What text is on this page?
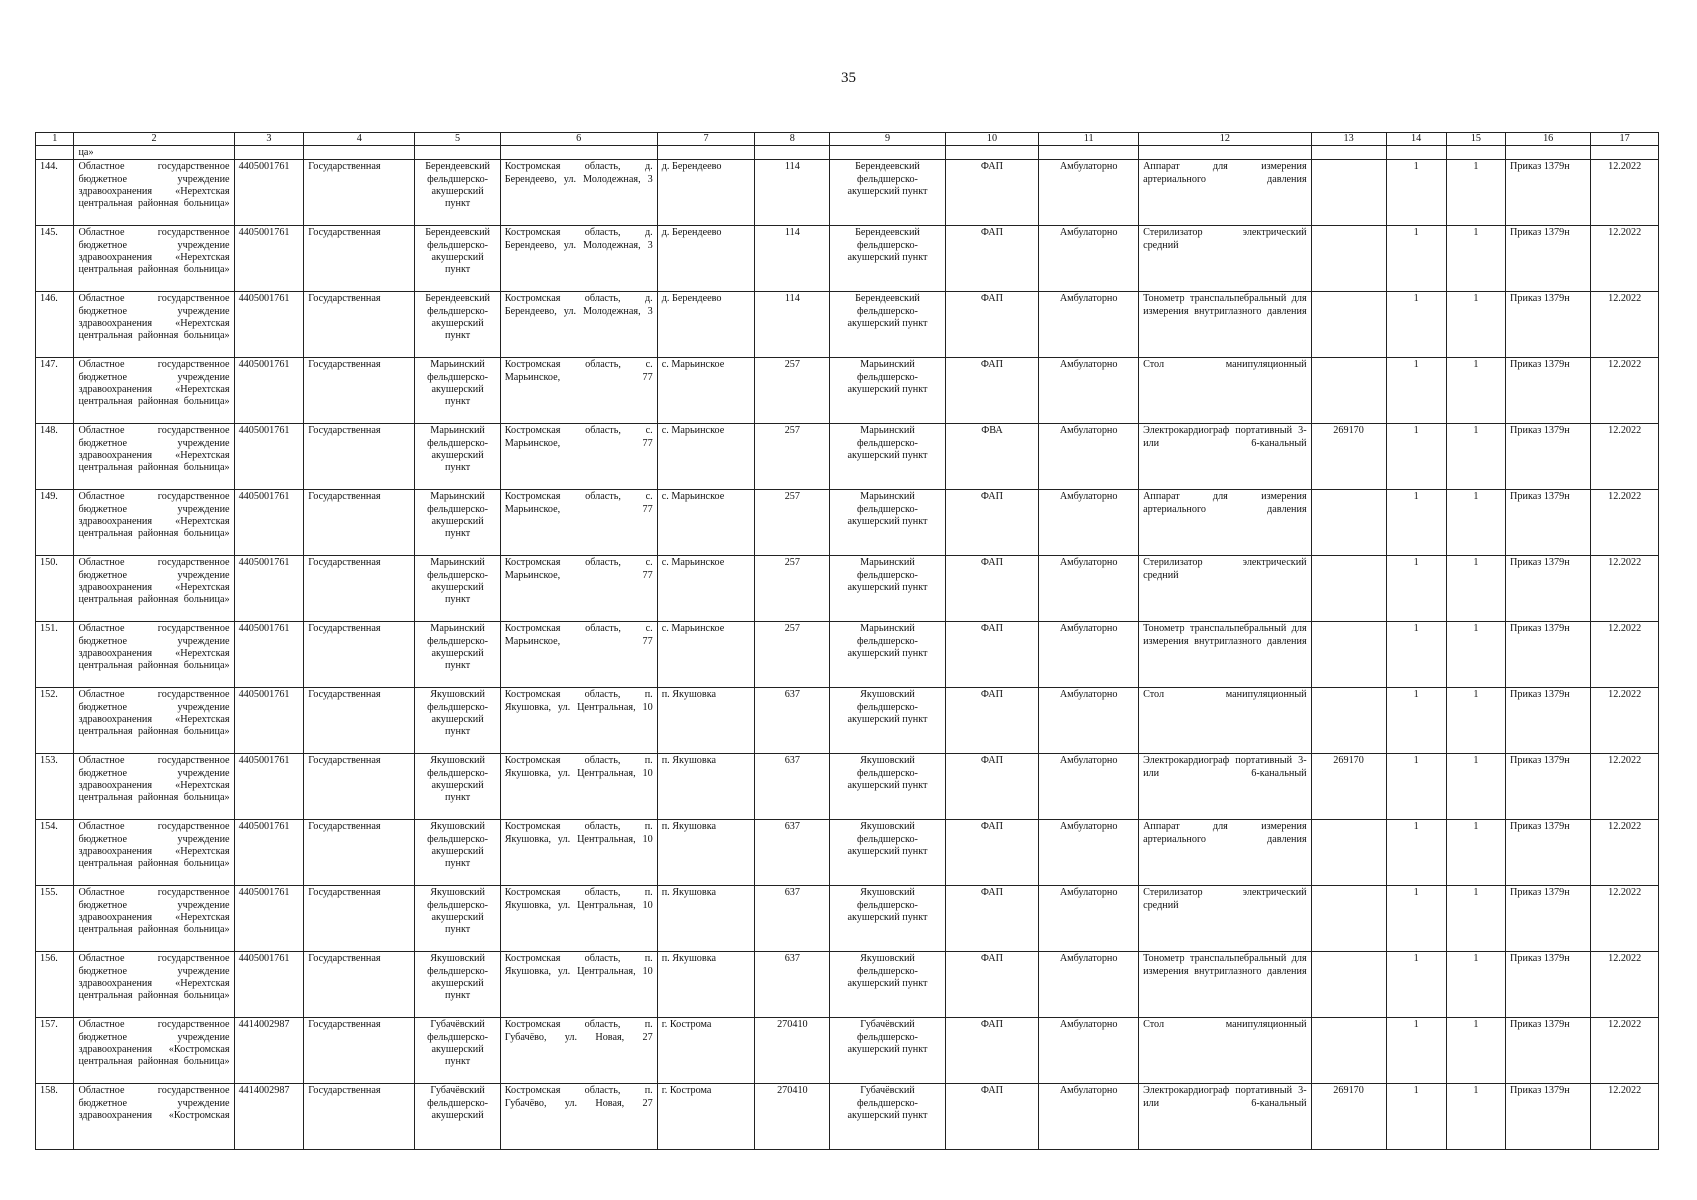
35
1	2	3	4	5	6	7	8	9	10	11	12	13	14	15	16	17
	ца»															
144.	Областное государственное бюджетное учреждение здравоохранения «Нерехтская центральная районная больница»	4405001761	Государственная	Берендеевский фельдшерско-акушерский пункт	Костромская область, д. Берендеево, ул. Молодежная, 3	д. Берендеево	114	Берендеевский фельдшерско-акушерский пункт	ФАП	Амбулаторно	Аппарат для измерения артериального давления		1	1	Приказ 1379н	12.2022
145.	Областное государственное бюджетное учреждение здравоохранения «Нерехтская центральная районная больница»	4405001761	Государственная	Берендеевский фельдшерско-акушерский пункт	Костромская область, д. Берендеево, ул. Молодежная, 3	д. Берендеево	114	Берендеевский фельдшерско-акушерский пункт	ФАП	Амбулаторно	Стерилизатор электрический средний		1	1	Приказ 1379н	12.2022
146.	Областное государственное бюджетное учреждение здравоохранения «Нерехтская центральная районная больница»	4405001761	Государственная	Берендеевский фельдшерско-акушерский пункт	Костромская область, д. Берендеево, ул. Молодежная, 3	д. Берендеево	114	Берендеевский фельдшерско-акушерский пункт	ФАП	Амбулаторно	Тонометр транспальпебральный для измерения внутриглазного давления		1	1	Приказ 1379н	12.2022
147.	Областное государственное бюджетное учреждение здравоохранения «Нерехтская центральная районная больница»	4405001761	Государственная	Марьинский фельдшерско-акушерский пункт	Костромская область, с. Марьинское, 77	с. Марьинское	257	Марьинский фельдшерско-акушерский пункт	ФАП	Амбулаторно	Стол манипуляционный		1	1	Приказ 1379н	12.2022
148.	Областное государственное бюджетное учреждение здравоохранения «Нерехтская центральная районная больница»	4405001761	Государственная	Марьинский фельдшерско-акушерский пункт	Костромская область, с. Марьинское, 77	с. Марьинское	257	Марьинский фельдшерско-акушерский пункт	ФВА	Амбулаторно	Электрокардиограф портативный 3- или 6-канальный	269170	1	1	Приказ 1379н	12.2022
149.	Областное государственное бюджетное учреждение здравоохранения «Нерехтская центральная районная больница»	4405001761	Государственная	Марьинский фельдшерско-акушерский пункт	Костромская область, с. Марьинское, 77	с. Марьинское	257	Марьинский фельдшерско-акушерский пункт	ФАП	Амбулаторно	Аппарат для измерения артериального давления		1	1	Приказ 1379н	12.2022
150.	Областное государственное бюджетное учреждение здравоохранения «Нерехтская центральная районная больница»	4405001761	Государственная	Марьинский фельдшерско-акушерский пункт	Костромская область, с. Марьинское, 77	с. Марьинское	257	Марьинский фельдшерско-акушерский пункт	ФАП	Амбулаторно	Стерилизатор электрический средний		1	1	Приказ 1379н	12.2022
151.	Областное государственное бюджетное учреждение здравоохранения «Нерехтская центральная районная больница»	4405001761	Государственная	Марьинский фельдшерско-акушерский пункт	Костромская область, с. Марьинское, 77	с. Марьинское	257	Марьинский фельдшерско-акушерский пункт	ФАП	Амбулаторно	Тонометр транспальпебральный для измерения внутриглазного давления		1	1	Приказ 1379н	12.2022
152.	Областное государственное бюджетное учреждение здравоохранения «Нерехтская центральная районная больница»	4405001761	Государственная	Якушовский фельдшерско-акушерский пункт	Костромская область, п. Якушовка, ул. Центральная, 10	п. Якушовка	637	Якушовский фельдшерско-акушерский пункт	ФАП	Амбулаторно	Стол манипуляционный		1	1	Приказ 1379н	12.2022
153.	Областное государственное бюджетное учреждение здравоохранения «Нерехтская центральная районная больница»	4405001761	Государственная	Якушовский фельдшерско-акушерский пункт	Костромская область, п. Якушовка, ул. Центральная, 10	п. Якушовка	637	Якушовский фельдшерско-акушерский пункт	ФАП	Амбулаторно	Электрокардиограф портативный 3- или 6-канальный	269170	1	1	Приказ 1379н	12.2022
154.	Областное государственное бюджетное учреждение здравоохранения «Нерехтская центральная районная больница»	4405001761	Государственная	Якушовский фельдшерско-акушерский пункт	Костромская область, п. Якушовка, ул. Центральная, 10	п. Якушовка	637	Якушовский фельдшерско-акушерский пункт	ФАП	Амбулаторно	Аппарат для измерения артериального давления		1	1	Приказ 1379н	12.2022
155.	Областное государственное бюджетное учреждение здравоохранения «Нерехтская центральная районная больница»	4405001761	Государственная	Якушовский фельдшерско-акушерский пункт	Костромская область, п. Якушовка, ул. Центральная, 10	п. Якушовка	637	Якушовский фельдшерско-акушерский пункт	ФАП	Амбулаторно	Стерилизатор электрический средний		1	1	Приказ 1379н	12.2022
156.	Областное государственное бюджетное учреждение здравоохранения «Нерехтская центральная районная больница»	4405001761	Государственная	Якушовский фельдшерско-акушерский пункт	Костромская область, п. Якушовка, ул. Центральная, 10	п. Якушовка	637	Якушовский фельдшерско-акушерский пункт	ФАП	Амбулаторно	Тонометр транспальпебральный для измерения внутриглазного давления		1	1	Приказ 1379н	12.2022
157.	Областное государственное бюджетное учреждение здравоохранения «Костромская центральная районная больница»	4414002987	Государственная	Губачёвский фельдшерско-акушерский пункт	Костромская область, п. Губачёво, ул. Новая, 27	г. Кострома	270410	Губачёвский фельдшерско-акушерский пункт	ФАП	Амбулаторно	Стол манипуляционный		1	1	Приказ 1379н	12.2022
158.	Областное государственное бюджетное учреждение здравоохранения «Костромская	4414002987	Государственная	Губачёвский фельдшерско-акушерский	Костромская область, п. Губачёво, ул. Новая, 27	г. Кострома	270410	Губачёвский фельдшерско-акушерский пункт	ФАП	Амбулаторно	Электрокардиограф портативный 3- или 6-канальный	269170	1	1	Приказ 1379н	12.2022
